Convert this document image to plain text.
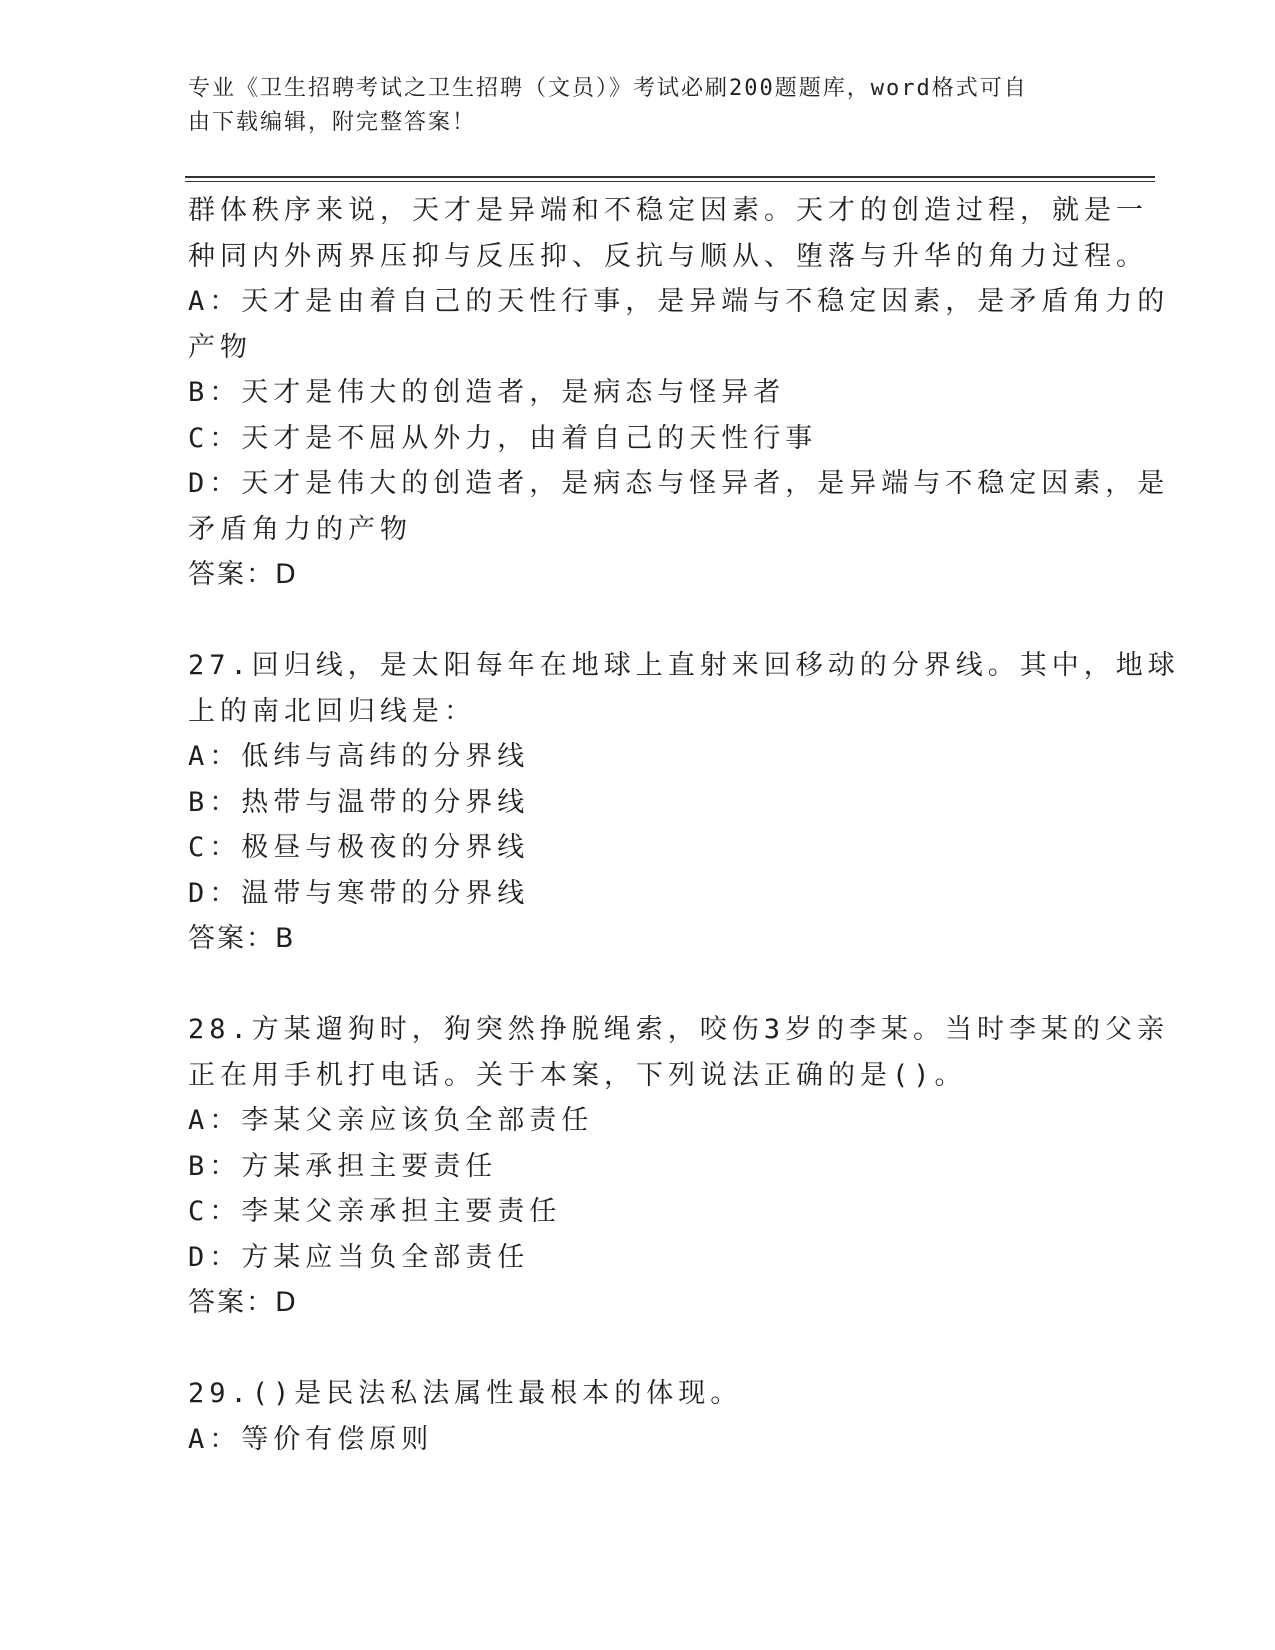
专业《卫生招聘考试之卫生招聘（文员）》考试必刷200题题库，word格式可自
由下载编辑，附完整答案！
群体秩序来说，天才是异端和不稳定因素。天才的创造过程，就是一
种同内外两界压抑与反压抑、反抗与顺从、堕落与升华的角力过程。
A：天才是由着自己的天性行事，是异端与不稳定因素，是矛盾角力的
产物
B：天才是伟大的创造者，是病态与怪异者
C：天才是不屈从外力，由着自己的天性行事
D：天才是伟大的创造者，是病态与怪异者，是异端与不稳定因素，是
矛盾角力的产物
答案：D
27.回归线，是太阳每年在地球上直射来回移动的分界线。其中，地球
上的南北回归线是：
A：低纬与高纬的分界线
B：热带与温带的分界线
C：极昼与极夜的分界线
D：温带与寒带的分界线
答案：B
28.方某遛狗时，狗突然挣脱绳索，咬伤3岁的李某。当时李某的父亲
正在用手机打电话。关于本案，下列说法正确的是()。
A：李某父亲应该负全部责任
B：方某承担主要责任
C：李某父亲承担主要责任
D：方某应当负全部责任
答案：D
29.()是民法私法属性最根本的体现。
A：等价有偿原则
